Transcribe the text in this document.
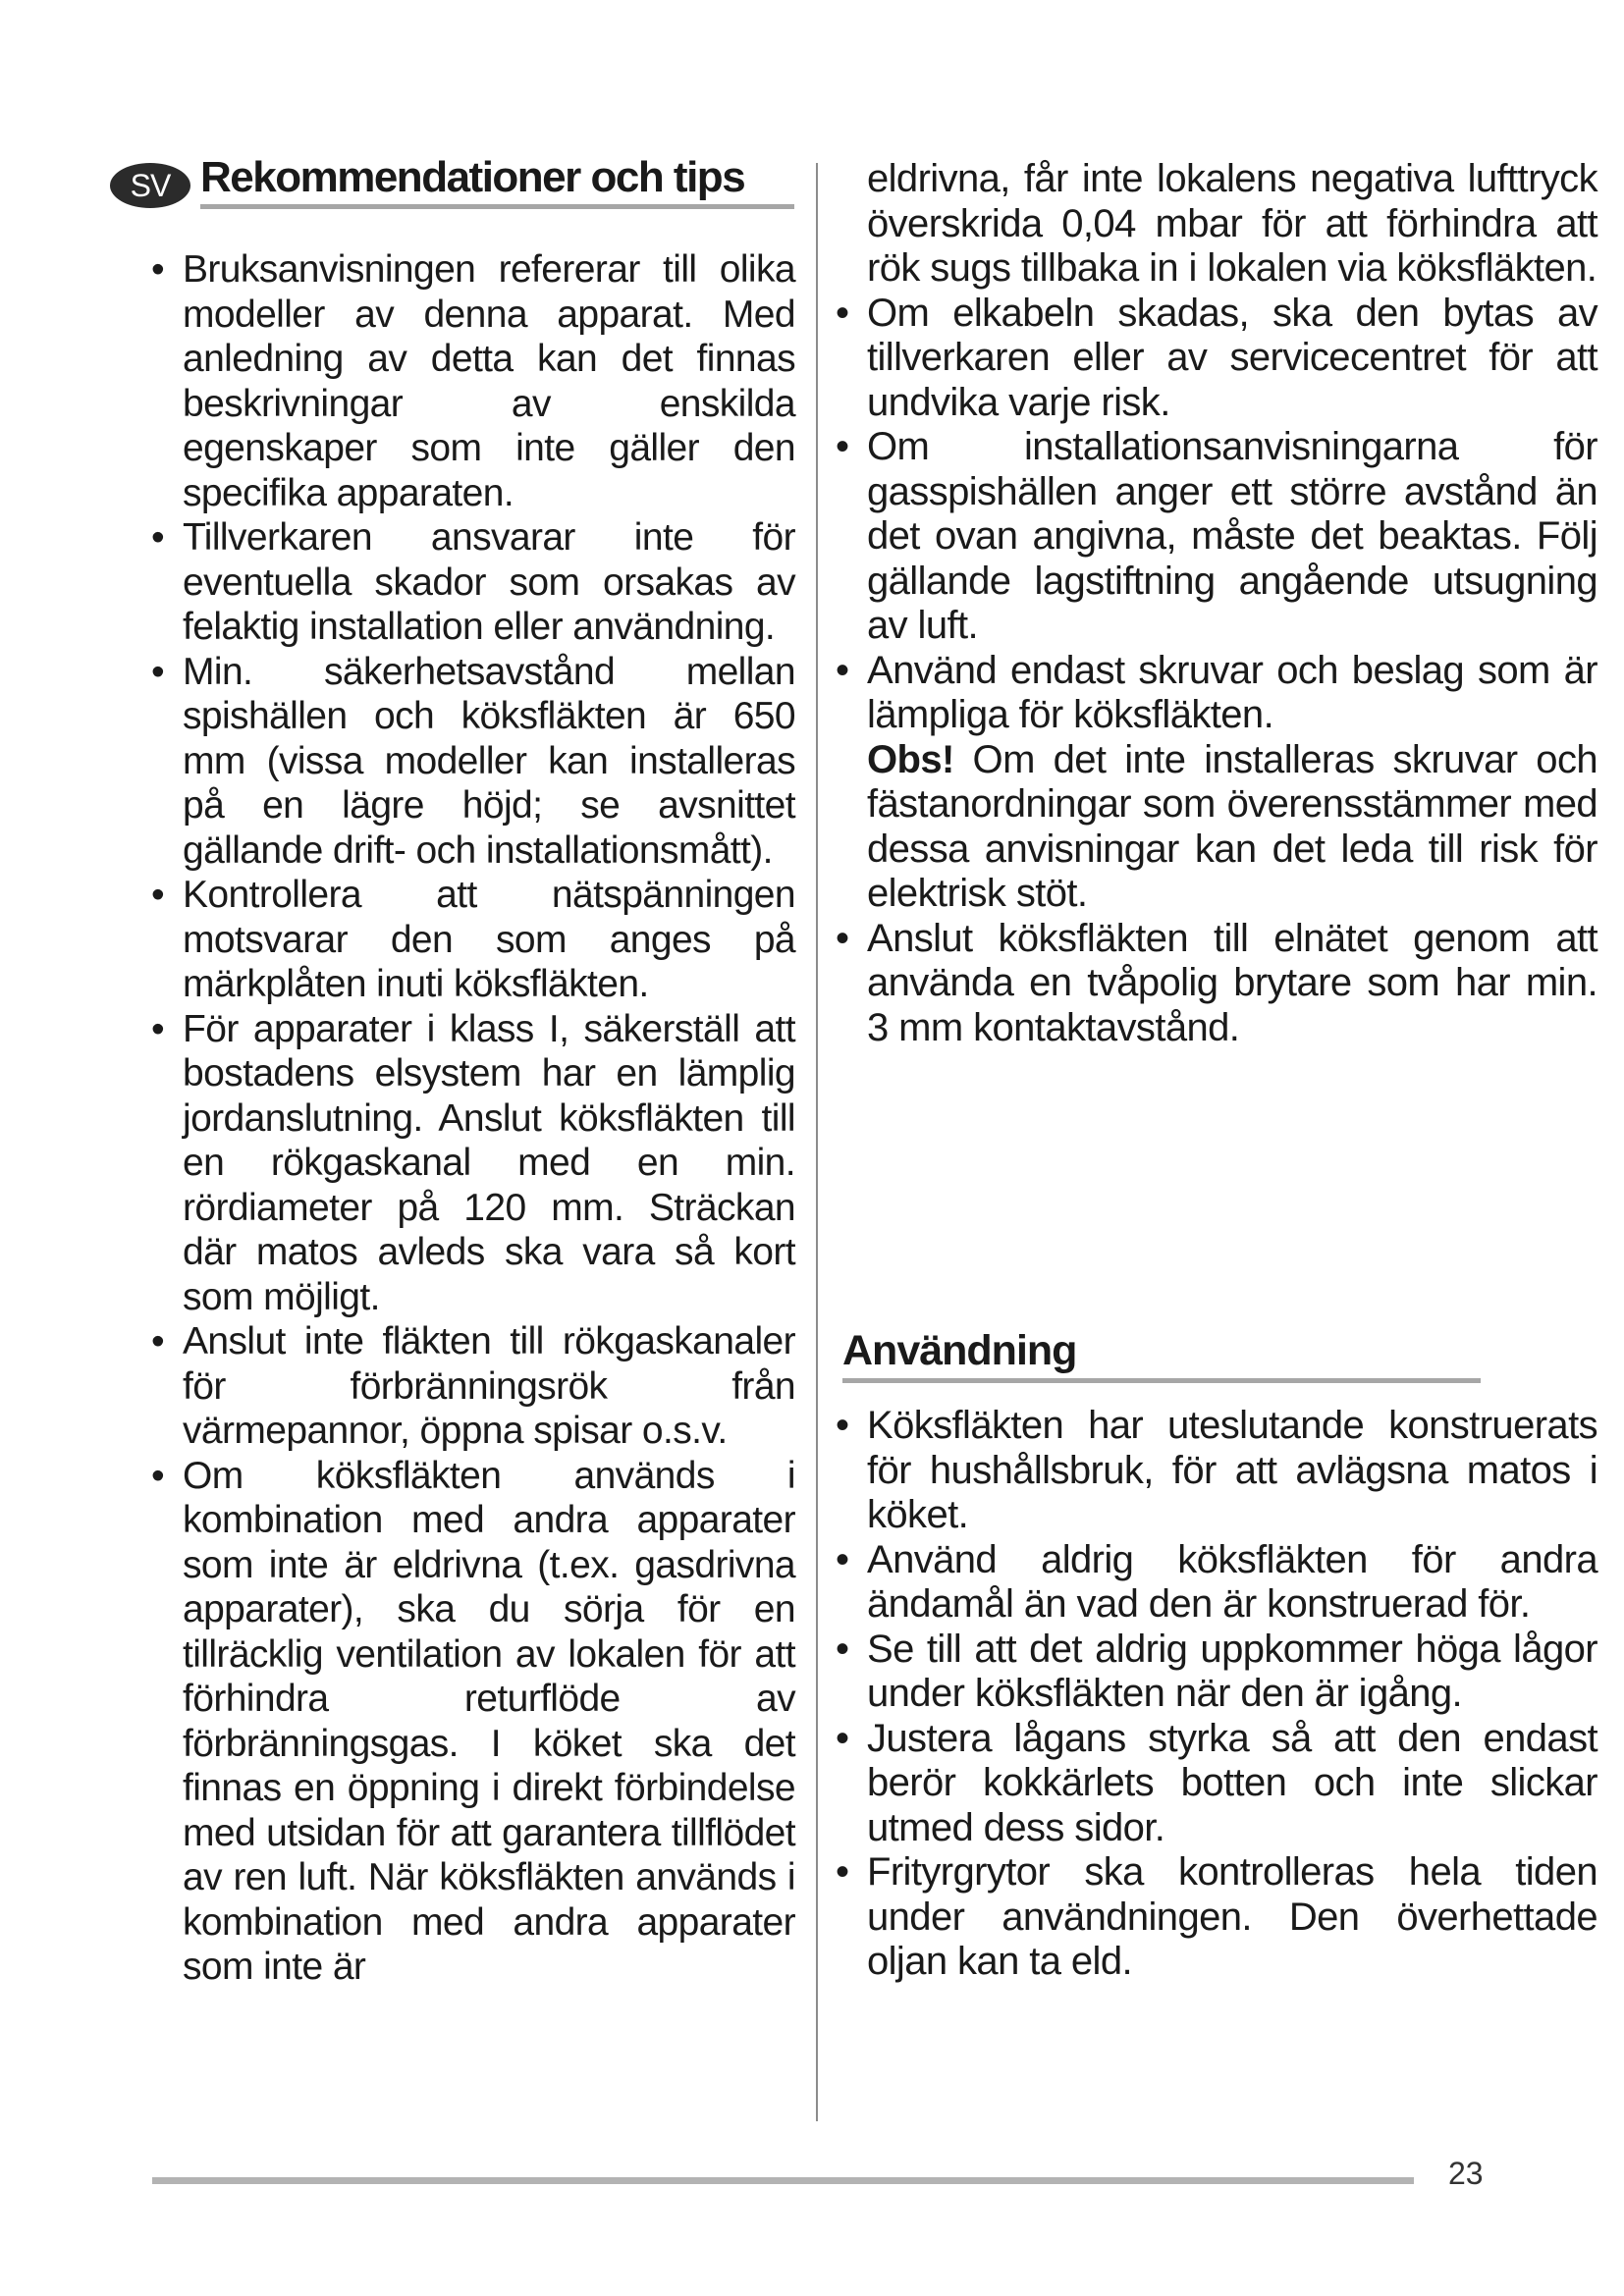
SV Rekommendationer och tips
• Bruksanvisningen refererar till olika modeller av denna apparat. Med anledning av detta kan det finnas beskrivningar av enskilda egenskaper som inte gäller den specifika apparaten.
• Tillverkaren ansvarar inte för eventuella skador som orsakas av felaktig installation eller användning.
• Min. säkerhetsavstånd mellan spishällen och köksfläkten är 650 mm (vissa modeller kan installeras på en lägre höjd; se avsnittet gällande drift- och installationsmått).
• Kontrollera att nätspänningen motsvarar den som anges på märkplåten inuti köksfläkten.
• För apparater i klass I, säkerställ att bostadens elsystem har en lämplig jordanslutning. Anslut köksfläkten till en rökgaskanal med en min. rördiameter på 120 mm. Sträckan där matos avleds ska vara så kort som möjligt.
• Anslut inte fläkten till rökgaskanaler för förbränningsrök från värmepannor, öppna spisar o.s.v.
• Om köksfläkten används i kombination med andra apparater som inte är eldrivna (t.ex. gasdrivna apparater), ska du sörja för en tillräcklig ventilation av lokalen för att förhindra returflöde av förbränningsgas. I köket ska det finnas en öppning i direkt förbindelse med utsidan för att garantera tillflödet av ren luft. När köksfläkten används i kombination med andra apparater som inte är
eldrivna, får inte lokalens negativa lufttryck överskrida 0,04 mbar för att förhindra att rök sugs tillbaka in i lokalen via köksfläkten.
• Om elkabeln skadas, ska den bytas av tillverkaren eller av servicecentret för att undvika varje risk.
• Om installationsanvisningarna för gasspishällen anger ett större avstånd än det ovan angivna, måste det beaktas. Följ gällande lagstiftning angående utsugning av luft.
• Använd endast skruvar och beslag som är lämpliga för köksfläkten.
Obs! Om det inte installeras skruvar och fästanordningar som överensstämmer med dessa anvisningar kan det leda till risk för elektrisk stöt.
• Anslut köksfläkten till elnätet genom att använda en tvåpolig brytare som har min. 3 mm kontaktavstånd.
Användning
• Köksfläkten har uteslutande konstruerats för hushållsbruk, för att avlägsna matos i köket.
• Använd aldrig köksfläkten för andra ändamål än vad den är konstruerad för.
• Se till att det aldrig uppkommer höga lågor under köksfläkten när den är igång.
• Justera lågans styrka så att den endast berör kokkärlets botten och inte slickar utmed dess sidor.
• Frityrgrytor ska kontrolleras hela tiden under användningen. Den överhettade oljan kan ta eld.
23
